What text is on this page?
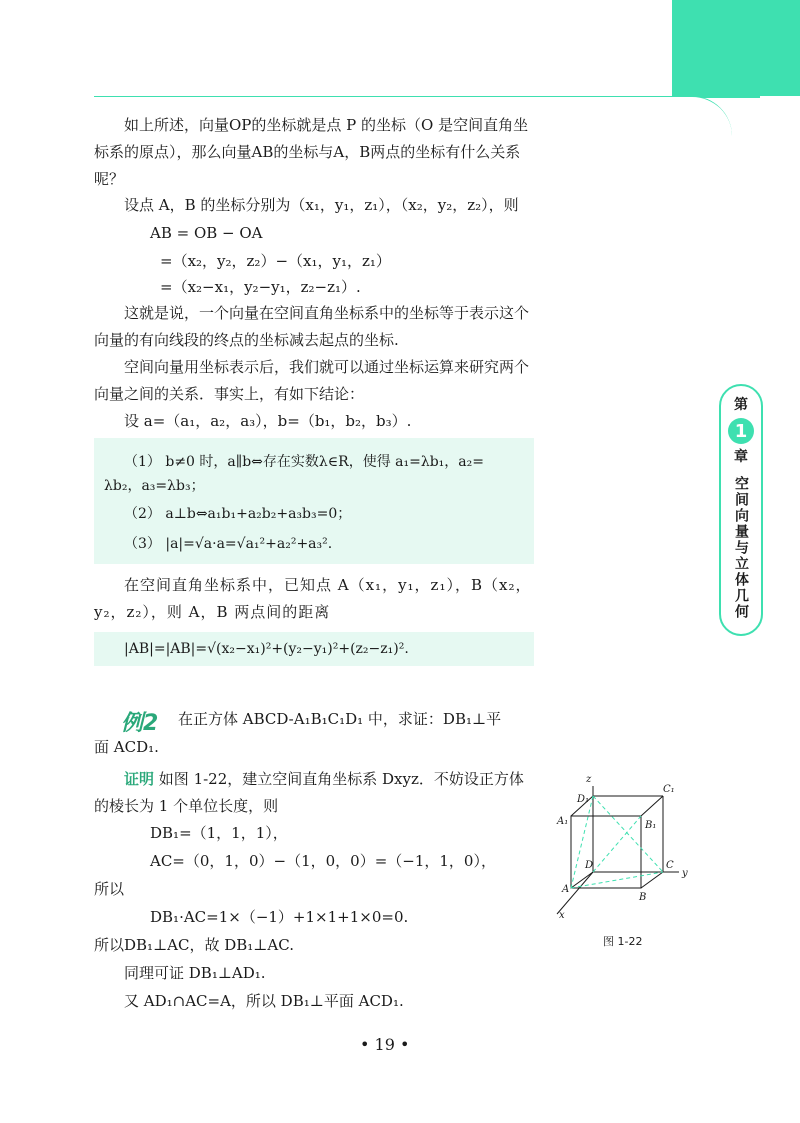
第
1
章
空间向量与立体几何
如上所述，向量OP的坐标就是点 P 的坐标（O 是空间直角坐标系的原点），那么向量AB的坐标与A，B两点的坐标有什么关系呢？
设点 A，B 的坐标分别为（x₁，y₁，z₁），（x₂，y₂，z₂），则
AB = OB − OA
=（x₂，y₂，z₂）−（x₁，y₁，z₁）
=（x₂−x₁，y₂−y₁，z₂−z₁）.
这就是说，一个向量在空间直角坐标系中的坐标等于表示这个向量的有向线段的终点的坐标减去起点的坐标.
空间向量用坐标表示后，我们就可以通过坐标运算来研究两个向量之间的关系．事实上，有如下结论：
设 a=（a₁，a₂，a₃），b=（b₁，b₂，b₃）.
（1） b≠0 时，a∥b⇔存在实数λ∈R，使得 a₁=λb₁，a₂=
λb₂，a₃=λb₃；
（2） a⊥b⇔a₁b₁+a₂b₂+a₃b₃=0；
（3） |a|=√a·a=√a₁²+a₂²+a₃².
在空间直角坐标系中，已知点 A（x₁，y₁，z₁），B（x₂，y₂，z₂），则 A，B 两点间的距离
|AB|=|AB|=√(x₂−x₁)²+(y₂−y₁)²+(z₂−z₁)².
例2 在正方体 ABCD-A₁B₁C₁D₁ 中，求证：DB₁⊥平
面 ACD₁.
证明 如图 1-22，建立空间直角坐标系 Dxyz．不妨设正方体的棱长为 1 个单位长度，则
DB₁=（1，1，1），
AC=（0，1，0）−（1，0，0）=（−1，1，0），
所以
DB₁·AC=1×（−1）+1×1+1×0=0.
所以DB₁⊥AC，故 DB₁⊥AC.
同理可证 DB₁⊥AD₁.
又 AD₁∩AC=A，所以 DB₁⊥平面 ACD₁.
z
y
x
D₁
C₁
A₁	B₁
D	C
A
B
图 1-22
• 19 •
